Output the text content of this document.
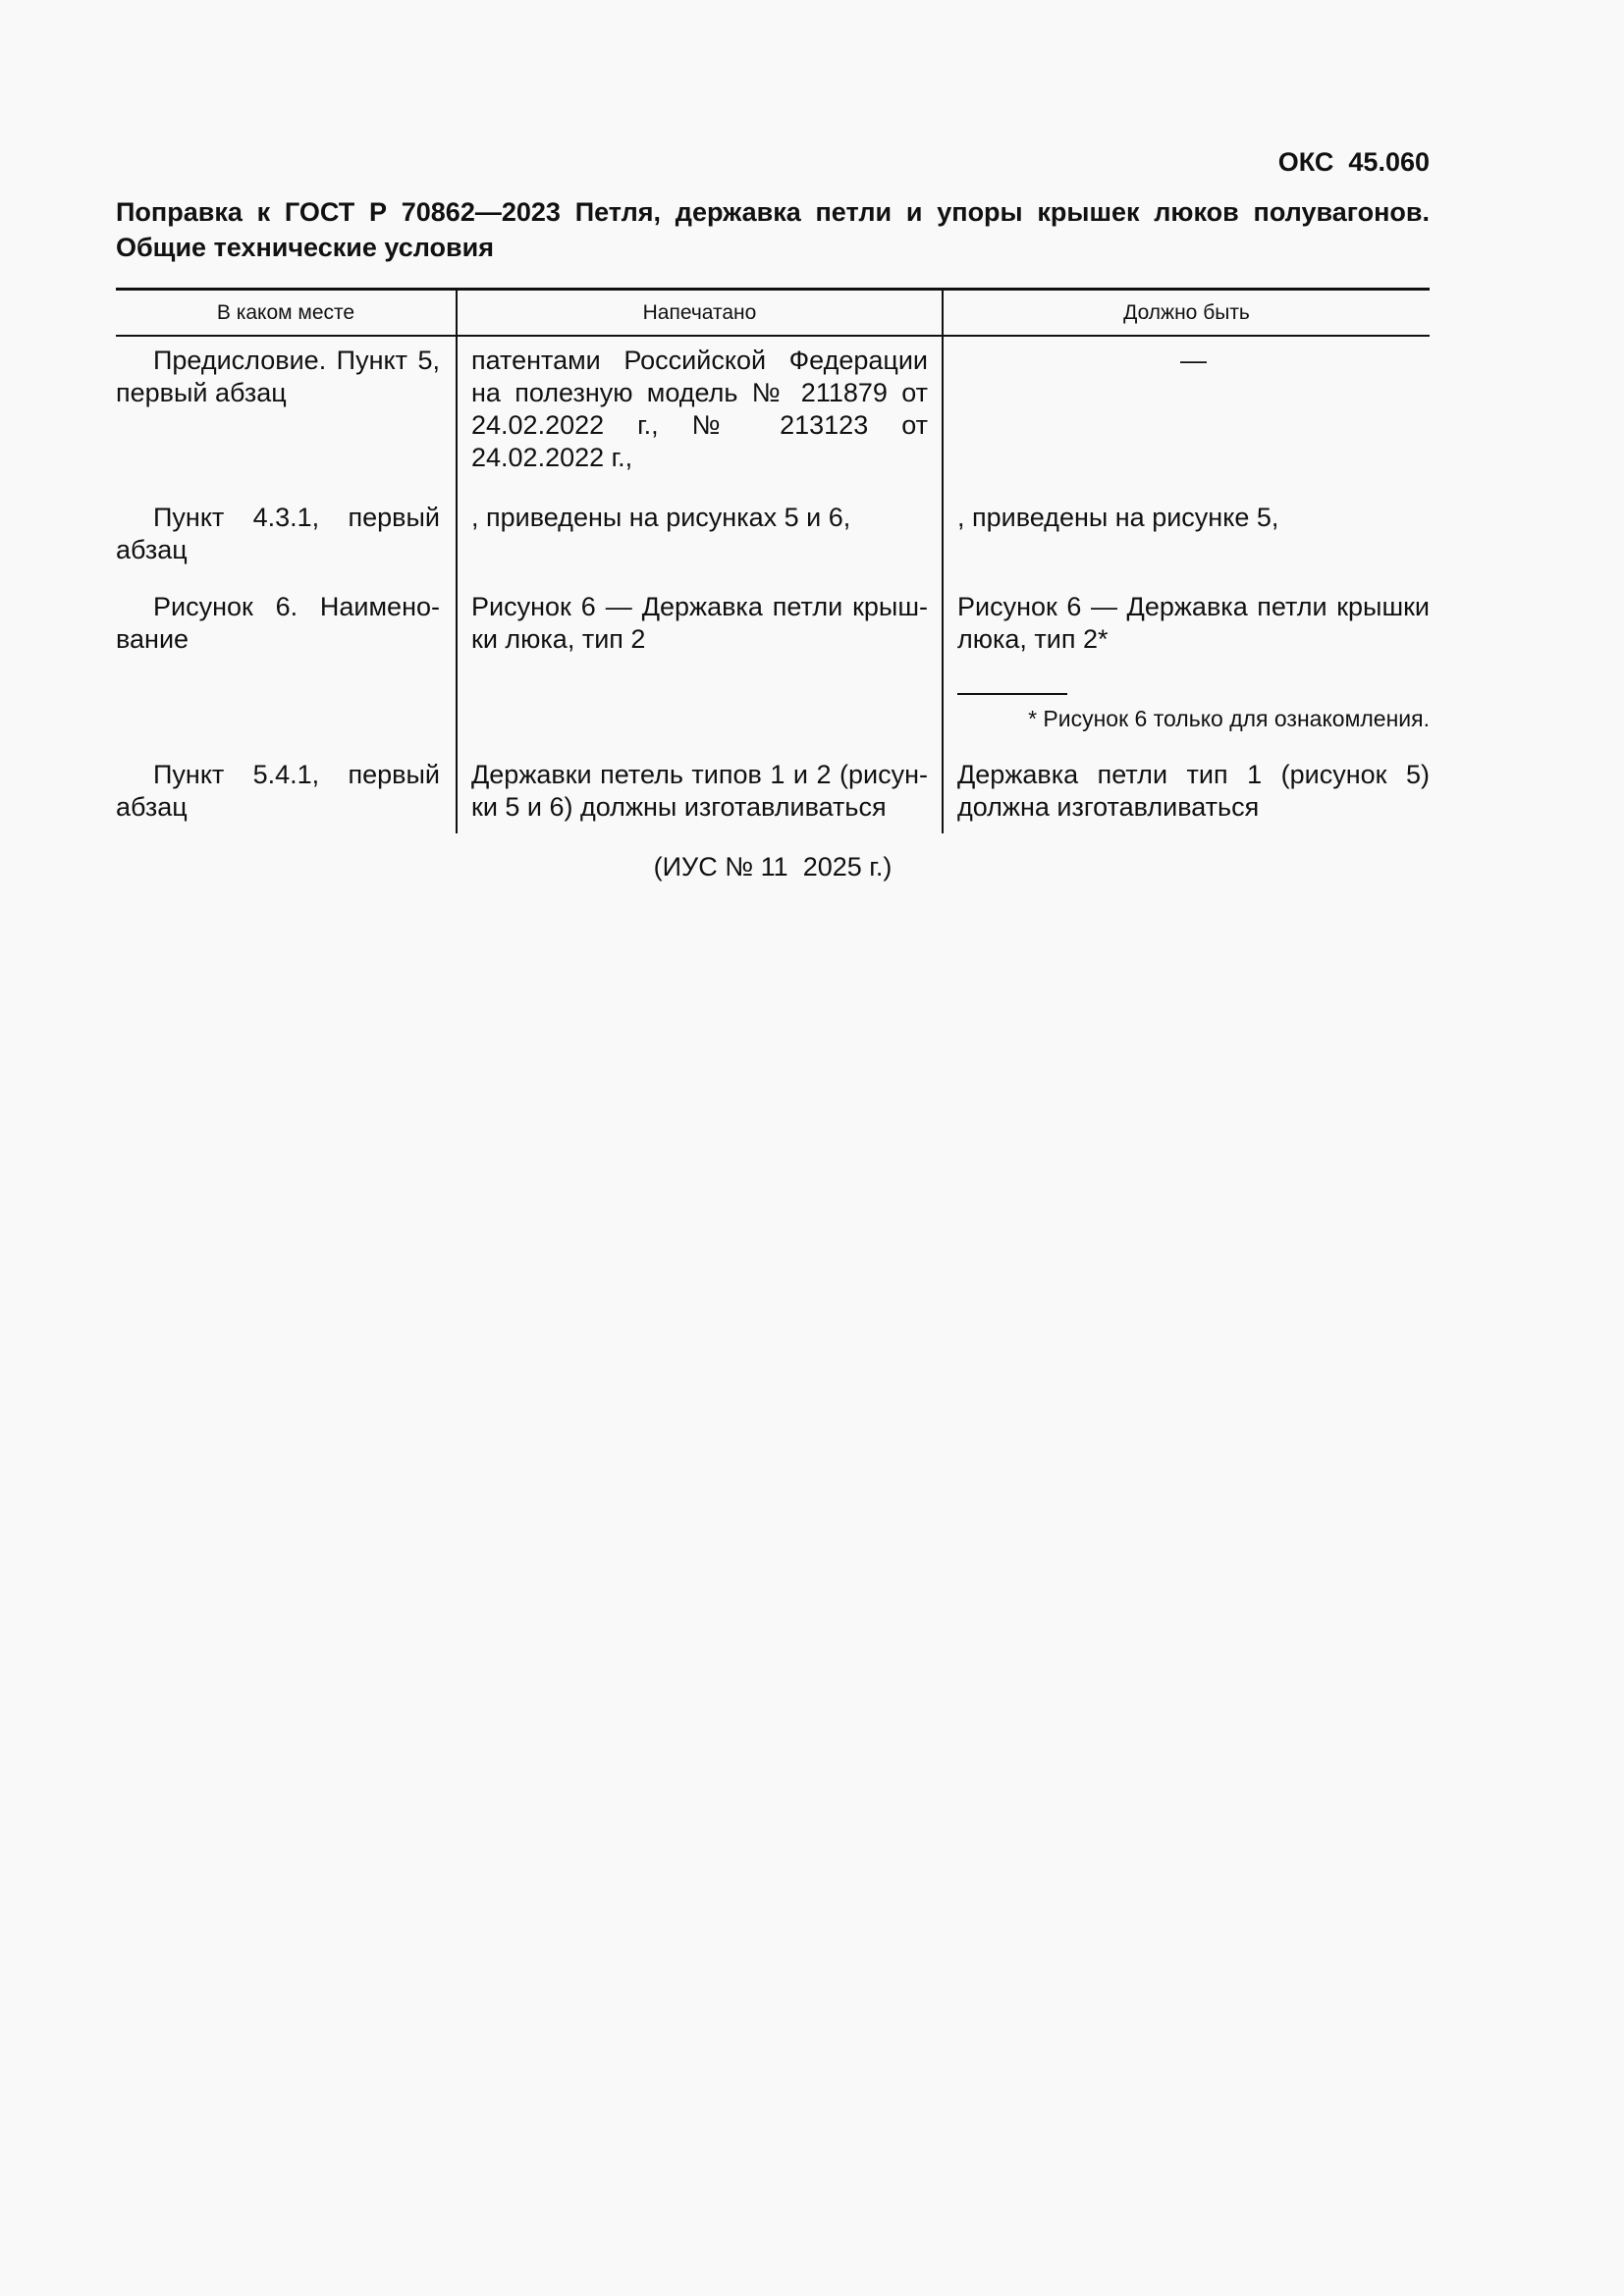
ОКС  45.060
Поправка к ГОСТ Р 70862—2023 Петля, державка петли и упоры крышек люков полувагонов.
Общие технические условия
В каком месте	Напечатано	Должно быть
Предисловие. Пункт 5, первый абзац	патентами Российской Федерации на полезную модель № 211879 от 24.02.2022 г., № 213123 от 24.02.2022 г.,	—

Пункт 4.3.1, первый абзац	, приведены на рисунках 5 и 6,	, приведены на рисунке 5,
Рисунок 6. Наимено-вание	Рисунок 6 — Державка петли крыш-ки люка, тип 2	Рисунок 6 — Державка петли крышки люка, тип 2*
* Рисунок 6 только для ознакомления.

Пункт 5.4.1, первый абзац	Державки петель типов 1 и 2 (рисун-ки 5 и 6) должны изготавливаться	Державка петли тип 1 (рисунок 5) должна изготавливаться
(ИУС № 11  2025 г.)
